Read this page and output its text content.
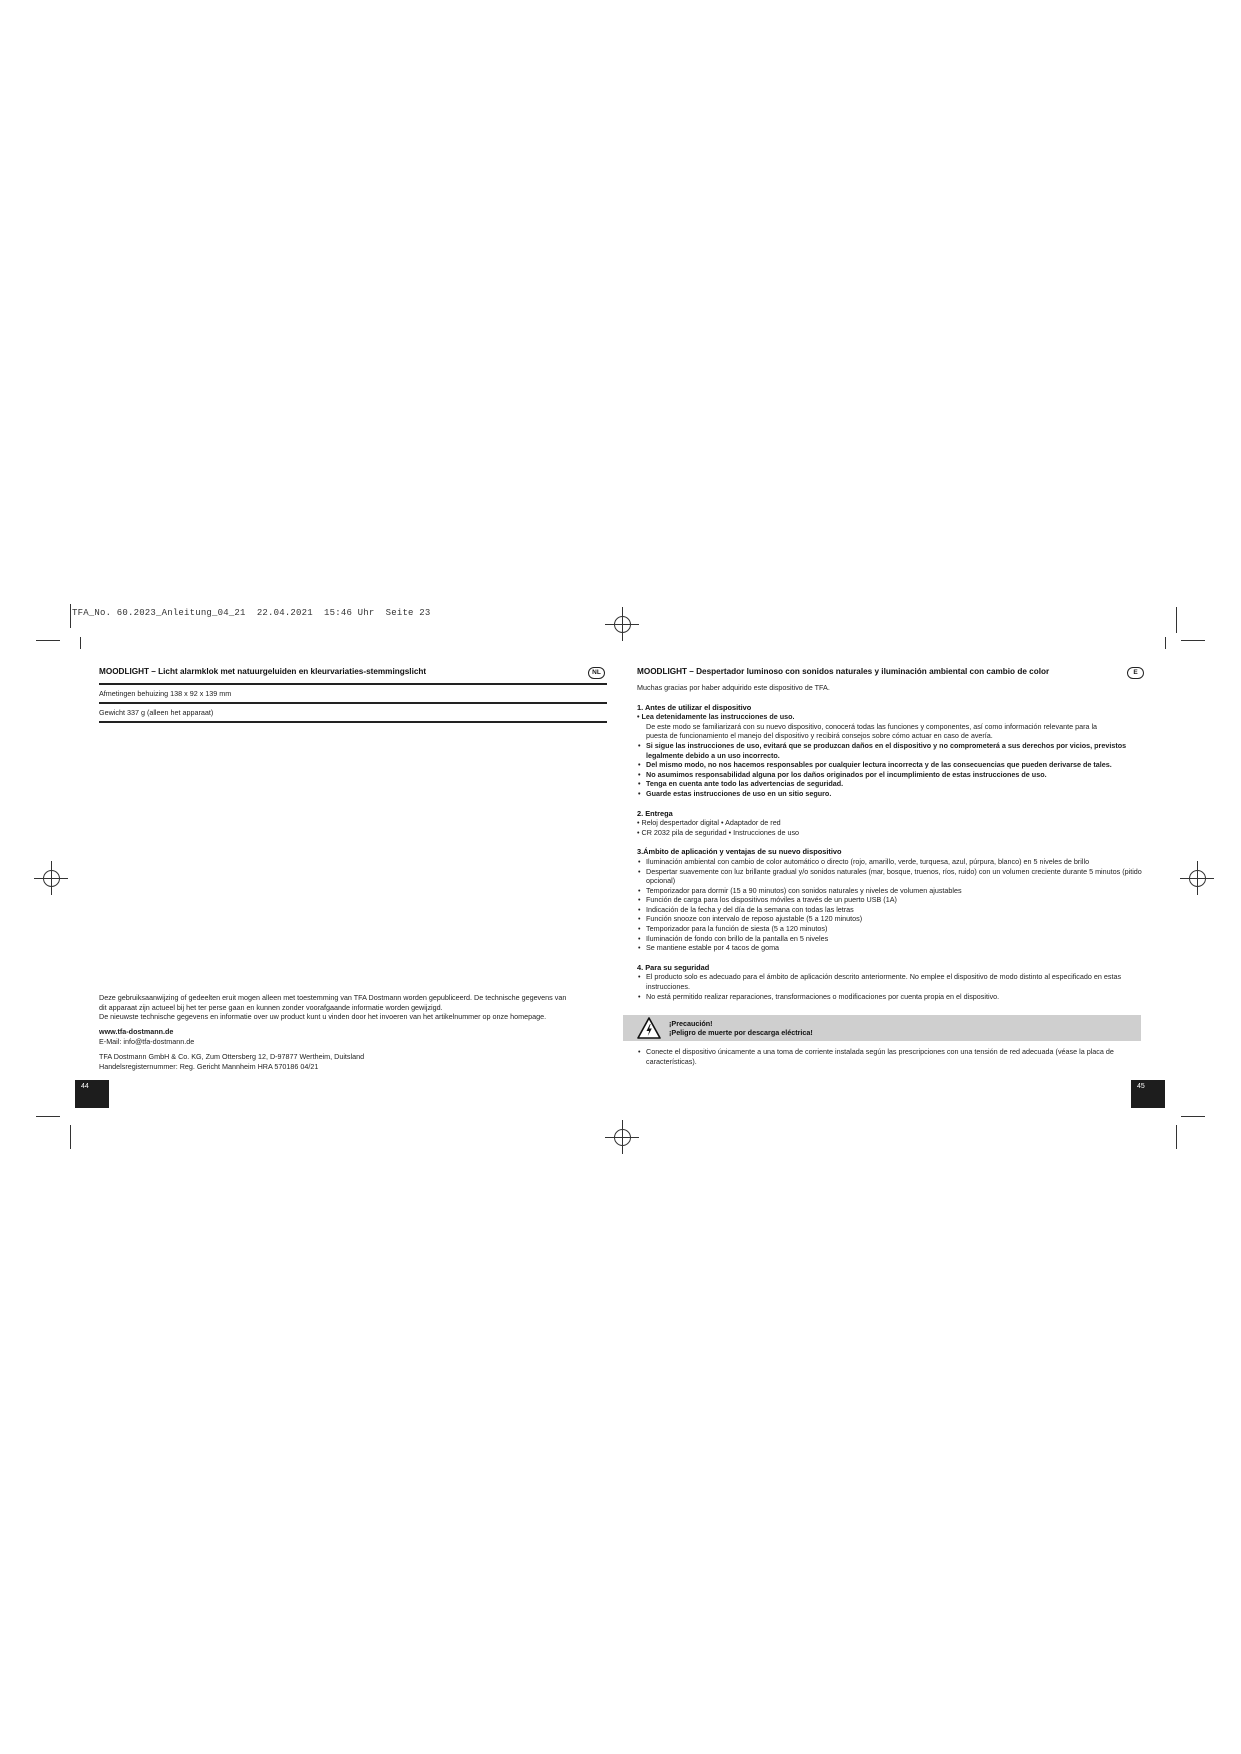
TFA_No. 60.2023_Anleitung_04_21  22.04.2021  15:46 Uhr  Seite 23
MOODLIGHT – Licht alarmklok met natuurgeluiden en kleurvariaties-stemmingslicht	NL
Afmetingen behuizing 138 x 92 x 139 mm
Gewicht 337 g (alleen het apparaat)
Deze gebruiksaanwijzing of gedeelten eruit mogen alleen met toestemming van TFA Dostmann worden gepubliceerd. De technische gegevens van
dit apparaat zijn actueel bij het ter perse gaan en kunnen zonder voorafgaande informatie worden gewijzigd.
De nieuwste technische gegevens en informatie over uw product kunt u vinden door het invoeren van het artikelnummer op onze homepage.
www.tfa-dostmann.de
E-Mail: info@tfa-dostmann.de
TFA Dostmann GmbH & Co. KG, Zum Ottersberg 12, D-97877 Wertheim, Duitsland
Handelsregisternummer: Reg. Gericht Mannheim HRA 570186 04/21
44
MOODLIGHT – Despertador luminoso con sonidos naturales y iluminación ambiental con cambio de color	E

Muchas gracias por haber adquirido este dispositivo de TFA.

1. Antes de utilizar el dispositivo

• Lea detenidamente las instrucciones de uso.

De este modo se familiarizará con su nuevo dispositivo, conocerá todas las funciones y componentes, así como información relevante para la

puesta de funcionamiento el manejo del dispositivo y recibirá consejos sobre cómo actuar en caso de avería.

• Si sigue las instrucciones de uso, evitará que se produzcan daños en el dispositivo y no comprometerá a sus derechos por vicios, previstos legalmente debido a un uso incorrecto.
• Del mismo modo, no nos hacemos responsables por cualquier lectura incorrecta y de las consecuencias que pueden derivarse de tales.
• No asumimos responsabilidad alguna por los daños originados por el incumplimiento de estas instrucciones de uso.
• Tenga en cuenta ante todo las advertencias de seguridad.
• Guarde estas instrucciones de uso en un sitio seguro.

2. Entrega

• Reloj despertador digital • Adaptador de red

• CR 2032 pila de seguridad • Instrucciones de uso

3.Ámbito de aplicación y ventajas de su nuevo dispositivo

• Iluminación ambiental con cambio de color automático o directo (rojo, amarillo, verde, turquesa, azul, púrpura, blanco) en 5 niveles de brillo
• Despertar suavemente con luz brillante gradual y/o sonidos naturales (mar, bosque, truenos, ríos, ruido) con un volumen creciente durante 5 minutos (pitido opcional)
• Temporizador para dormir (15 a 90 minutos) con sonidos naturales y niveles de volumen ajustables
• Función de carga para los dispositivos móviles a través de un puerto USB (1A)
• Indicación de la fecha y del día de la semana con todas las letras
• Función snooze con intervalo de reposo ajustable (5 a 120 minutos)
• Temporizador para la función de siesta (5 a 120 minutos)
• Iluminación de fondo con brillo de la pantalla en 5 niveles
• Se mantiene estable por 4 tacos de goma

4. Para su seguridad

• El producto solo es adecuado para el ámbito de aplicación descrito anteriormente. No emplee el dispositivo de modo distinto al especificado en estas instrucciones.
• No está permitido realizar reparaciones, transformaciones o modificaciones por cuenta propia en el dispositivo.
¡Precaución!
¡Peligro de muerte por descarga eléctrica!
• Conecte el dispositivo únicamente a una toma de corriente instalada según las prescripciones con una tensión de red adecuada (véase la placa de características).
45
